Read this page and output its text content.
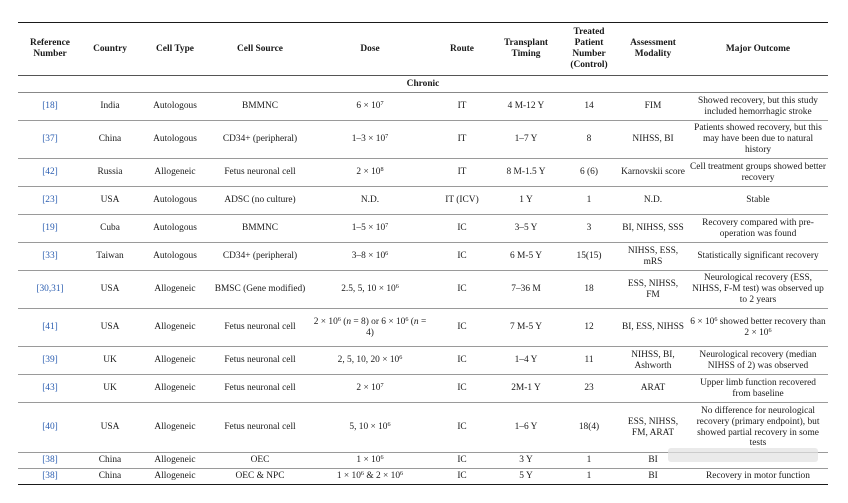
Reference Number	Country	Cell Type	Cell Source	Dose	Route	Transplant Timing	Treated Patient Number (Control)	Assessment Modality	Major Outcome
Chronic									
[18]	India	Autologous	BMMNC	$6 \times 10^7$	IT	4 M-12 Y	14	FIM	Showed recovery, but this study included hemorrhagic stroke
[37]	China	Autologous	CD34+ (peripheral)	$1-3 \times 10^7$	IT	1–7 Y	8	NIHSS, BI	Patients showed recovery, but this may have been due to natural history
[42]	Russia	Allogeneic	Fetus neuronal cell	$2 \times 10^8$	IT	8 M-1.5 Y	6 (6)	Karnovskii score	Cell treatment groups showed better recovery
[23]	USA	Autologous	ADSC (no culture)	N.D.	IT (ICV)	1 Y	1	N.D.	Stable
[19]	Cuba	Autologous	BMMNC	$1-5 \times 10^7$	IC	3–5 Y	3	BI, NIHSS, SSS	Recovery compared with pre-operation was found
[33]	Taiwan	Autologous	CD34+ (peripheral)	$3-8 \times 10^6$	IC	6 M-5 Y	15(15)	NIHSS, ESS, mRS	Statistically significant recovery
[30,31]	USA	Allogeneic	BMSC (Gene modified)	2.5, 5, $10 \times 10^6$	IC	7–36 M	18	ESS, NIHSS, FM	Neurological recovery (ESS, NIHSS, F-M test) was observed up to 2 years
[41]	USA	Allogeneic	Fetus neuronal cell	$2 \times 10^6$ (n = 8) or $6 \times 10^6$ (n = 4)	IC	7 M-5 Y	12	BI, ESS, NIHSS	$6 \times 10^6$ showed better recovery than $2 \times 10^6$
[39]	UK	Allogeneic	Fetus neuronal cell	2, 5, 10, $20 \times 10^6$	IC	1–4 Y	11	NIHSS, BI, Ashworth	Neurological recovery (median NIHSS of 2) was observed
[43]	UK	Allogeneic	Fetus neuronal cell	$2 \times 10^7$	IC	2M-1 Y	23	ARAT	Upper limb function recovered from baseline
[40]	USA	Allogeneic	Fetus neuronal cell	5, $10 \times 10^6$	IC	1–6 Y	18(4)	ESS, NIHSS, FM, ARAT	No difference for neurological recovery (primary endpoint), but showed partial recovery in some tests
[38]	China	Allogeneic	OEC	$1 \times 10^6$	IC	3 Y	1	BI	
[38]	China	Allogeneic	OEC & NPC	$1 \times 10^6$ & $2 \times 10^6$	IC	5 Y	1	BI	Recovery in motor function
